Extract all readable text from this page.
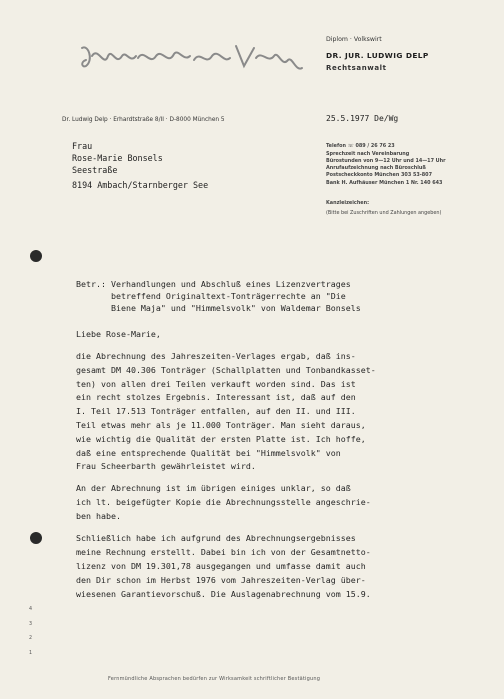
Diplom · Volkswirt
DR. JUR. LUDWIG DELP
Rechtsanwalt
Dr. Ludwig Delp · Erhardtstraße 8/II · D-8000 München 5	25.5.1977 De/Wg
Frau
Rose-Marie Bonsels
Seestraße
8194 Ambach/Starnberger See
Telefon ☏ 089 / 26 76 23
Sprechzeit nach Vereinbarung
Bürostunden von 9—12 Uhr und 14—17 Uhr
Anrufaufzeichnung nach Büroschluß
Postscheckkonto München 303 53-807
Bank H. Aufhäuser München 1 Nr. 140 643
Kanzleizeichen:
(Bitte bei Zuschriften und Zahlungen angeben)
Betr.: Verhandlungen und Abschluß eines Lizenzvertrages
betreffend Originaltext-Tonträgerrechte an "Die
Biene Maja" und "Himmelsvolk" von Waldemar Bonsels
Liebe Rose-Marie,
die Abrechnung des Jahreszeiten-Verlages ergab, daß ins-
gesamt DM 40.306 Tonträger (Schallplatten und Tonbandkasset-
ten) von allen drei Teilen verkauft worden sind. Das ist
ein recht stolzes Ergebnis. Interessant ist, daß auf den
I. Teil 17.513 Tonträger entfallen, auf den II. und III.
Teil etwas mehr als je 11.000 Tonträger. Man sieht daraus,
wie wichtig die Qualität der ersten Platte ist. Ich hoffe,
daß eine entsprechende Qualität bei "Himmelsvolk" von
Frau Scheerbarth gewährleistet wird.
An der Abrechnung ist im übrigen einiges unklar, so daß
ich lt. beigefügter Kopie die Abrechnungsstelle angeschrie-
ben habe.
Schließlich habe ich aufgrund des Abrechnungsergebnisses
meine Rechnung erstellt. Dabei bin ich von der Gesamtnetto-
lizenz von DM 19.301,78 ausgegangen und umfasse damit auch
den Dir schon im Herbst 1976 vom Jahreszeiten-Verlag über-
wiesenen Garantievorschuß. Die Auslagenabrechnung vom 15.9.
4
3
2
1
Fernmündliche Absprachen bedürfen zur Wirksamkeit schriftlicher Bestätigung
